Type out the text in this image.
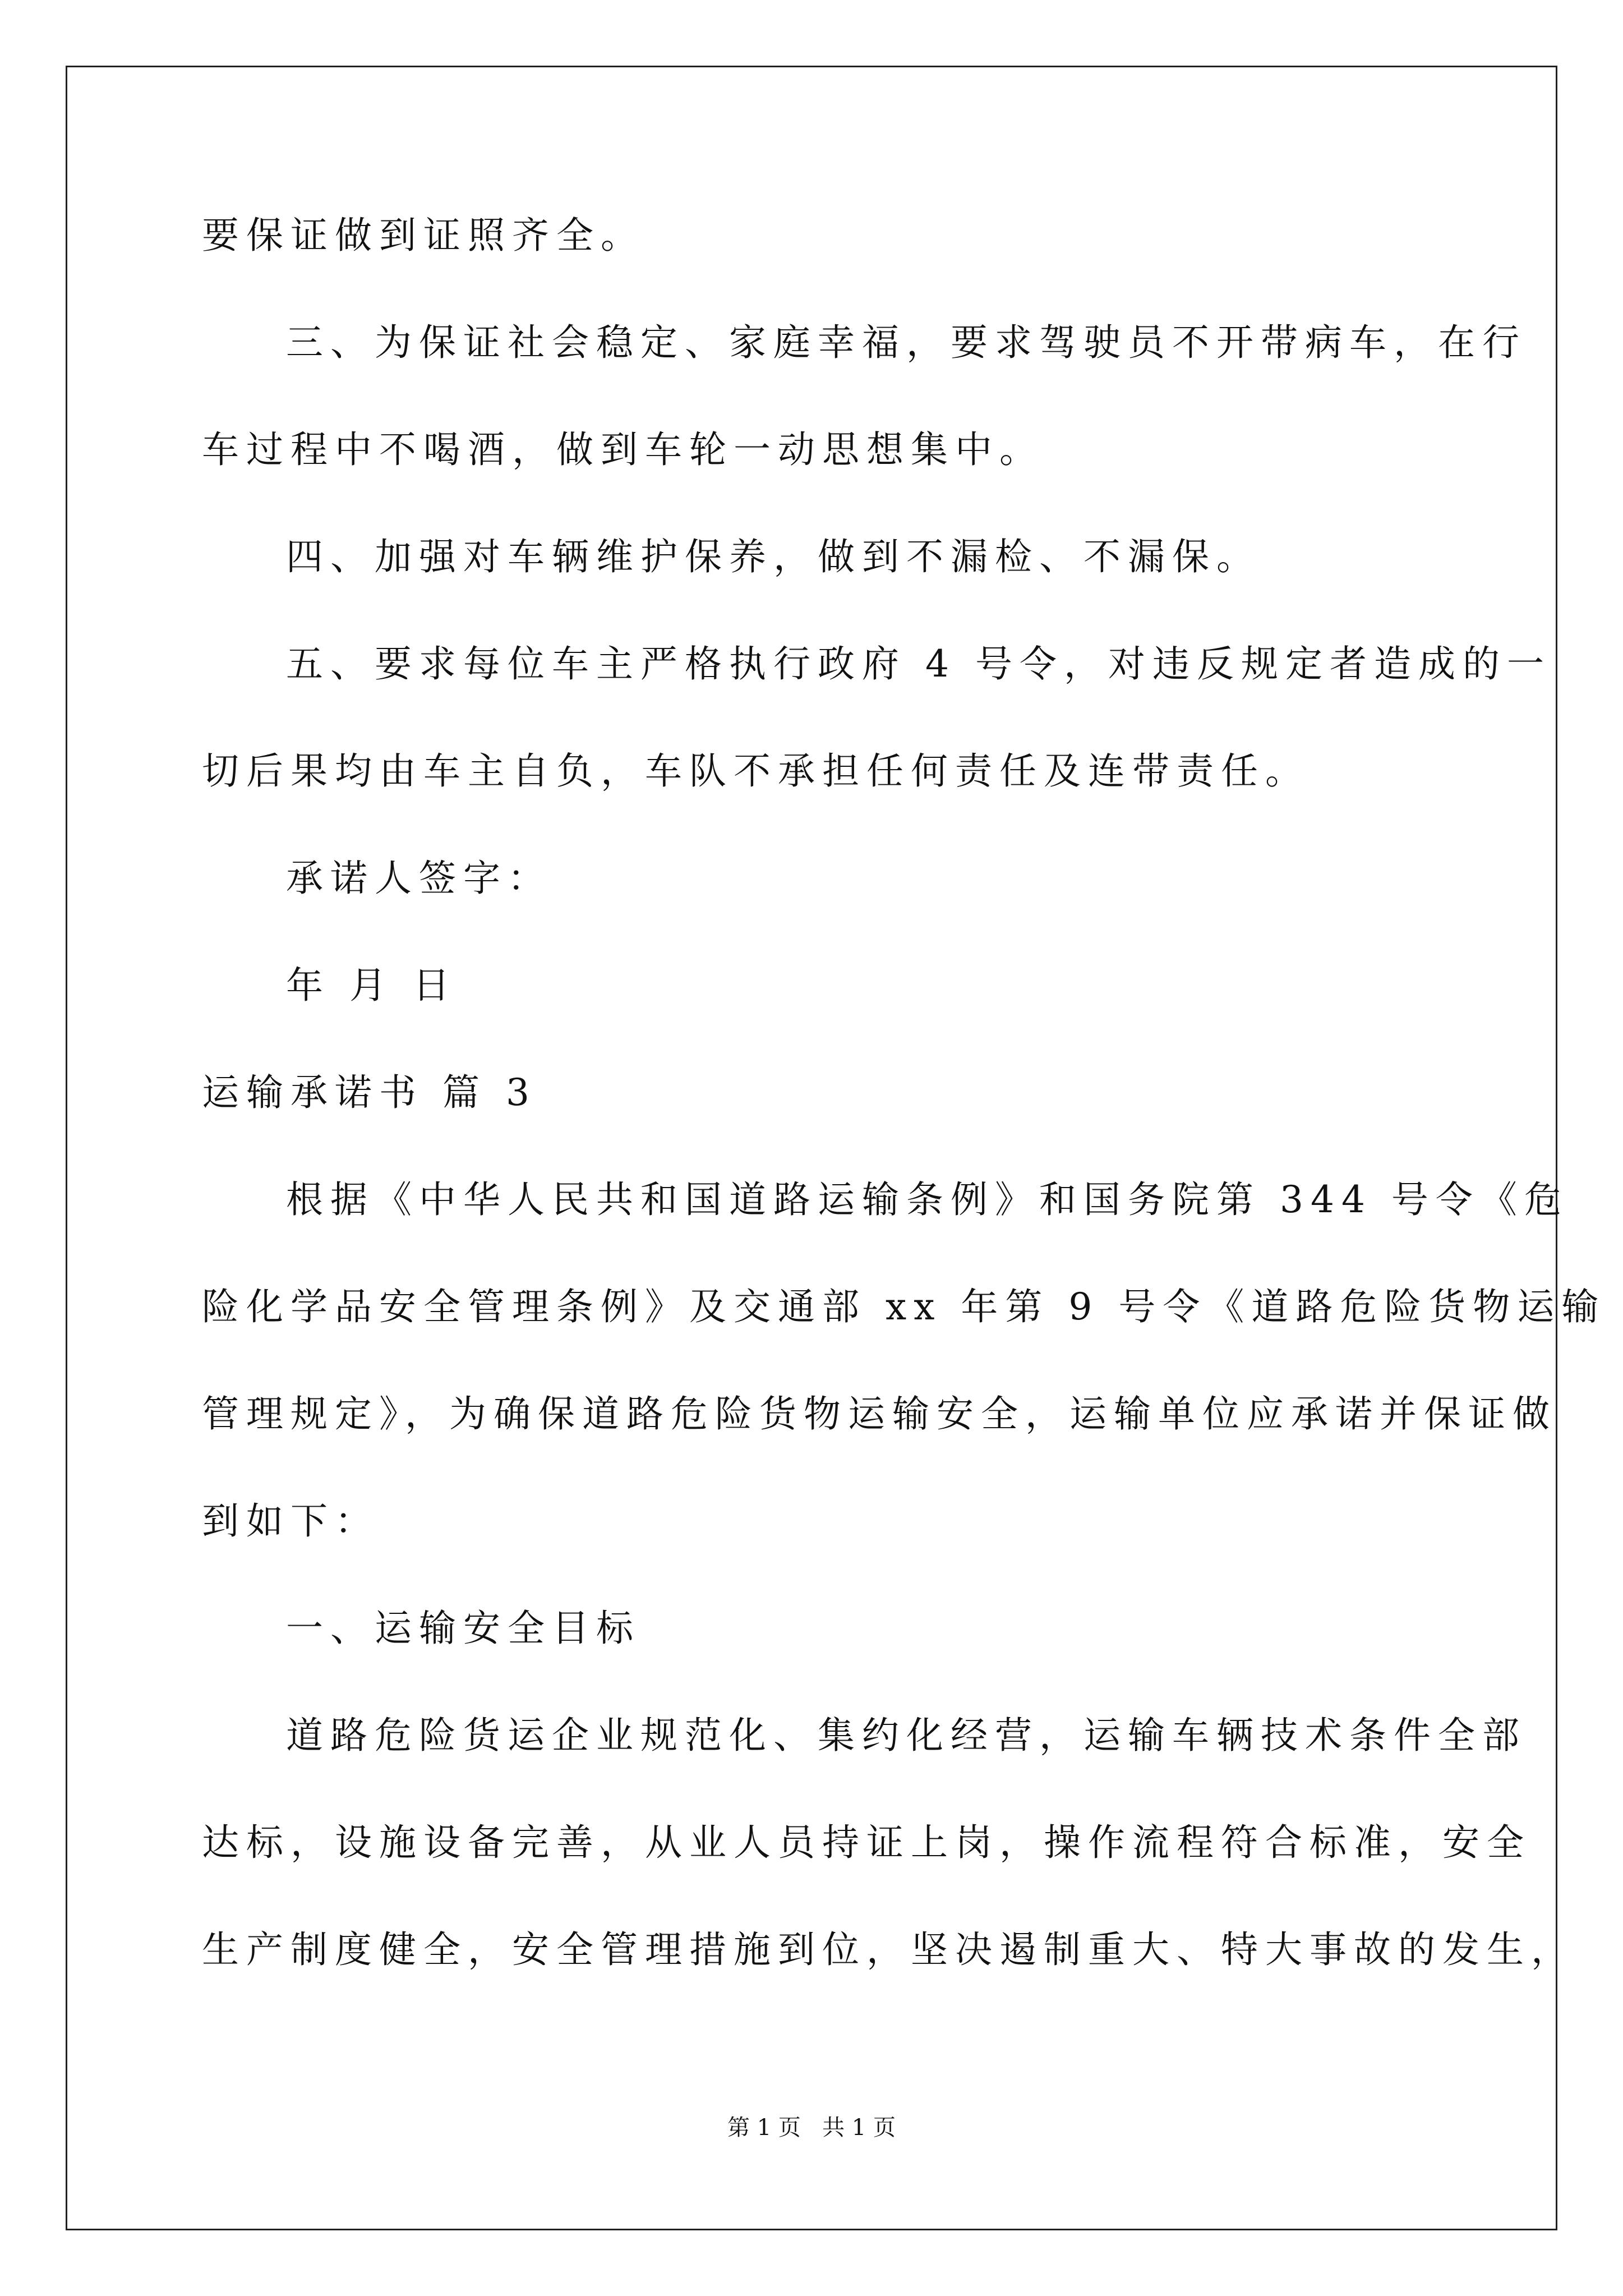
要保证做到证照齐全。
三、为保证社会稳定、家庭幸福，要求驾驶员不开带病车，在行
车过程中不喝酒，做到车轮一动思想集中。
四、加强对车辆维护保养，做到不漏检、不漏保。
五、要求每位车主严格执行政府 4 号令，对违反规定者造成的一
切后果均由车主自负，车队不承担任何责任及连带责任。
承诺人签字：
年 月 日
运输承诺书 篇 3
根据《中华人民共和国道路运输条例》和国务院第 344 号令《危
险化学品安全管理条例》及交通部 xx 年第 9 号令《道路危险货物运输
管理规定》，为确保道路危险货物运输安全，运输单位应承诺并保证做
到如下：
一、运输安全目标
道路危险货运企业规范化、集约化经营，运输车辆技术条件全部
达标，设施设备完善，从业人员持证上岗，操作流程符合标准，安全
生产制度健全，安全管理措施到位，坚决遏制重大、特大事故的发生，
第 1 页   共 1 页
